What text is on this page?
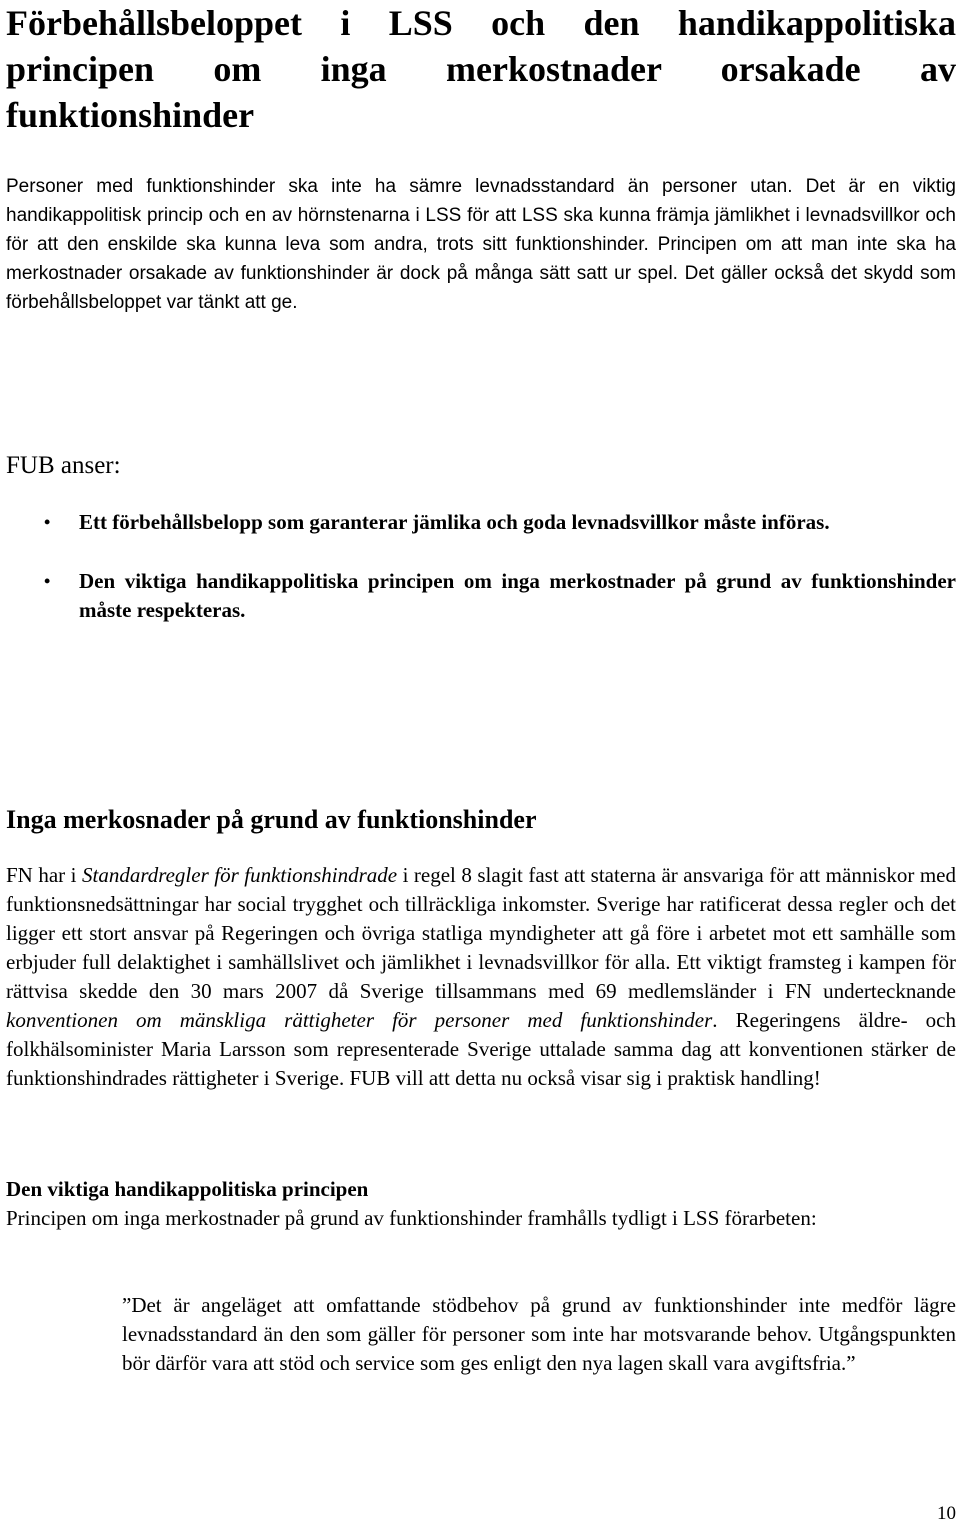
Förbehållsbeloppet i LSS och den handikappolitiska principen om inga merkostnader orsakade av funktionshinder

Personer med funktionshinder ska inte ha sämre levnadsstandard än personer utan. Det är en viktig handikappolitisk princip och en av hörnstenarna i LSS för att LSS ska kunna främja jämlikhet i levnadsvillkor och för att den enskilde ska kunna leva som andra, trots sitt funktionshinder. Principen om att man inte ska ha merkostnader orsakade av funktionshinder är dock på många sätt satt ur spel. Det gäller också det skydd som förbehållsbeloppet var tänkt att ge.

FUB anser:
• Ett förbehållsbelopp som garanterar jämlika och goda levnadsvillkor måste införas.
• Den viktiga handikappolitiska principen om inga merkostnader på grund av funktionshinder måste respekteras.
Inga merkosnader på grund av funktionshinder

FN har i Standardregler för funktionshindrade i regel 8 slagit fast att staterna är ansvariga för att människor med funktionsnedsättningar har social trygghet och tillräckliga inkomster. Sverige har ratificerat dessa regler och det ligger ett stort ansvar på Regeringen och övriga statliga myndigheter att gå före i arbetet mot ett samhälle som erbjuder full delaktighet i samhällslivet och jämlikhet i levnadsvillkor för alla. Ett viktigt framsteg i kampen för rättvisa skedde den 30 mars 2007 då Sverige tillsammans med 69 medlemsländer i FN undertecknande konventionen om mänskliga rättigheter för personer med funktionshinder. Regeringens äldre- och folkhälsominister Maria Larsson som representerade Sverige uttalade samma dag att konventionen stärker de funktionshindrades rättigheter i Sverige. FUB vill att detta nu också visar sig i praktisk handling!

Den viktiga handikappolitiska principen

Principen om inga merkostnader på grund av funktionshinder framhålls tydligt i LSS förarbeten:

”Det är angeläget att omfattande stödbehov på grund av funktionshinder inte medför lägre levnadsstandard än den som gäller för personer som inte har motsvarande behov. Utgångspunkten bör därför vara att stöd och service som ges enligt den nya lagen skall vara avgiftsfria.”

10
